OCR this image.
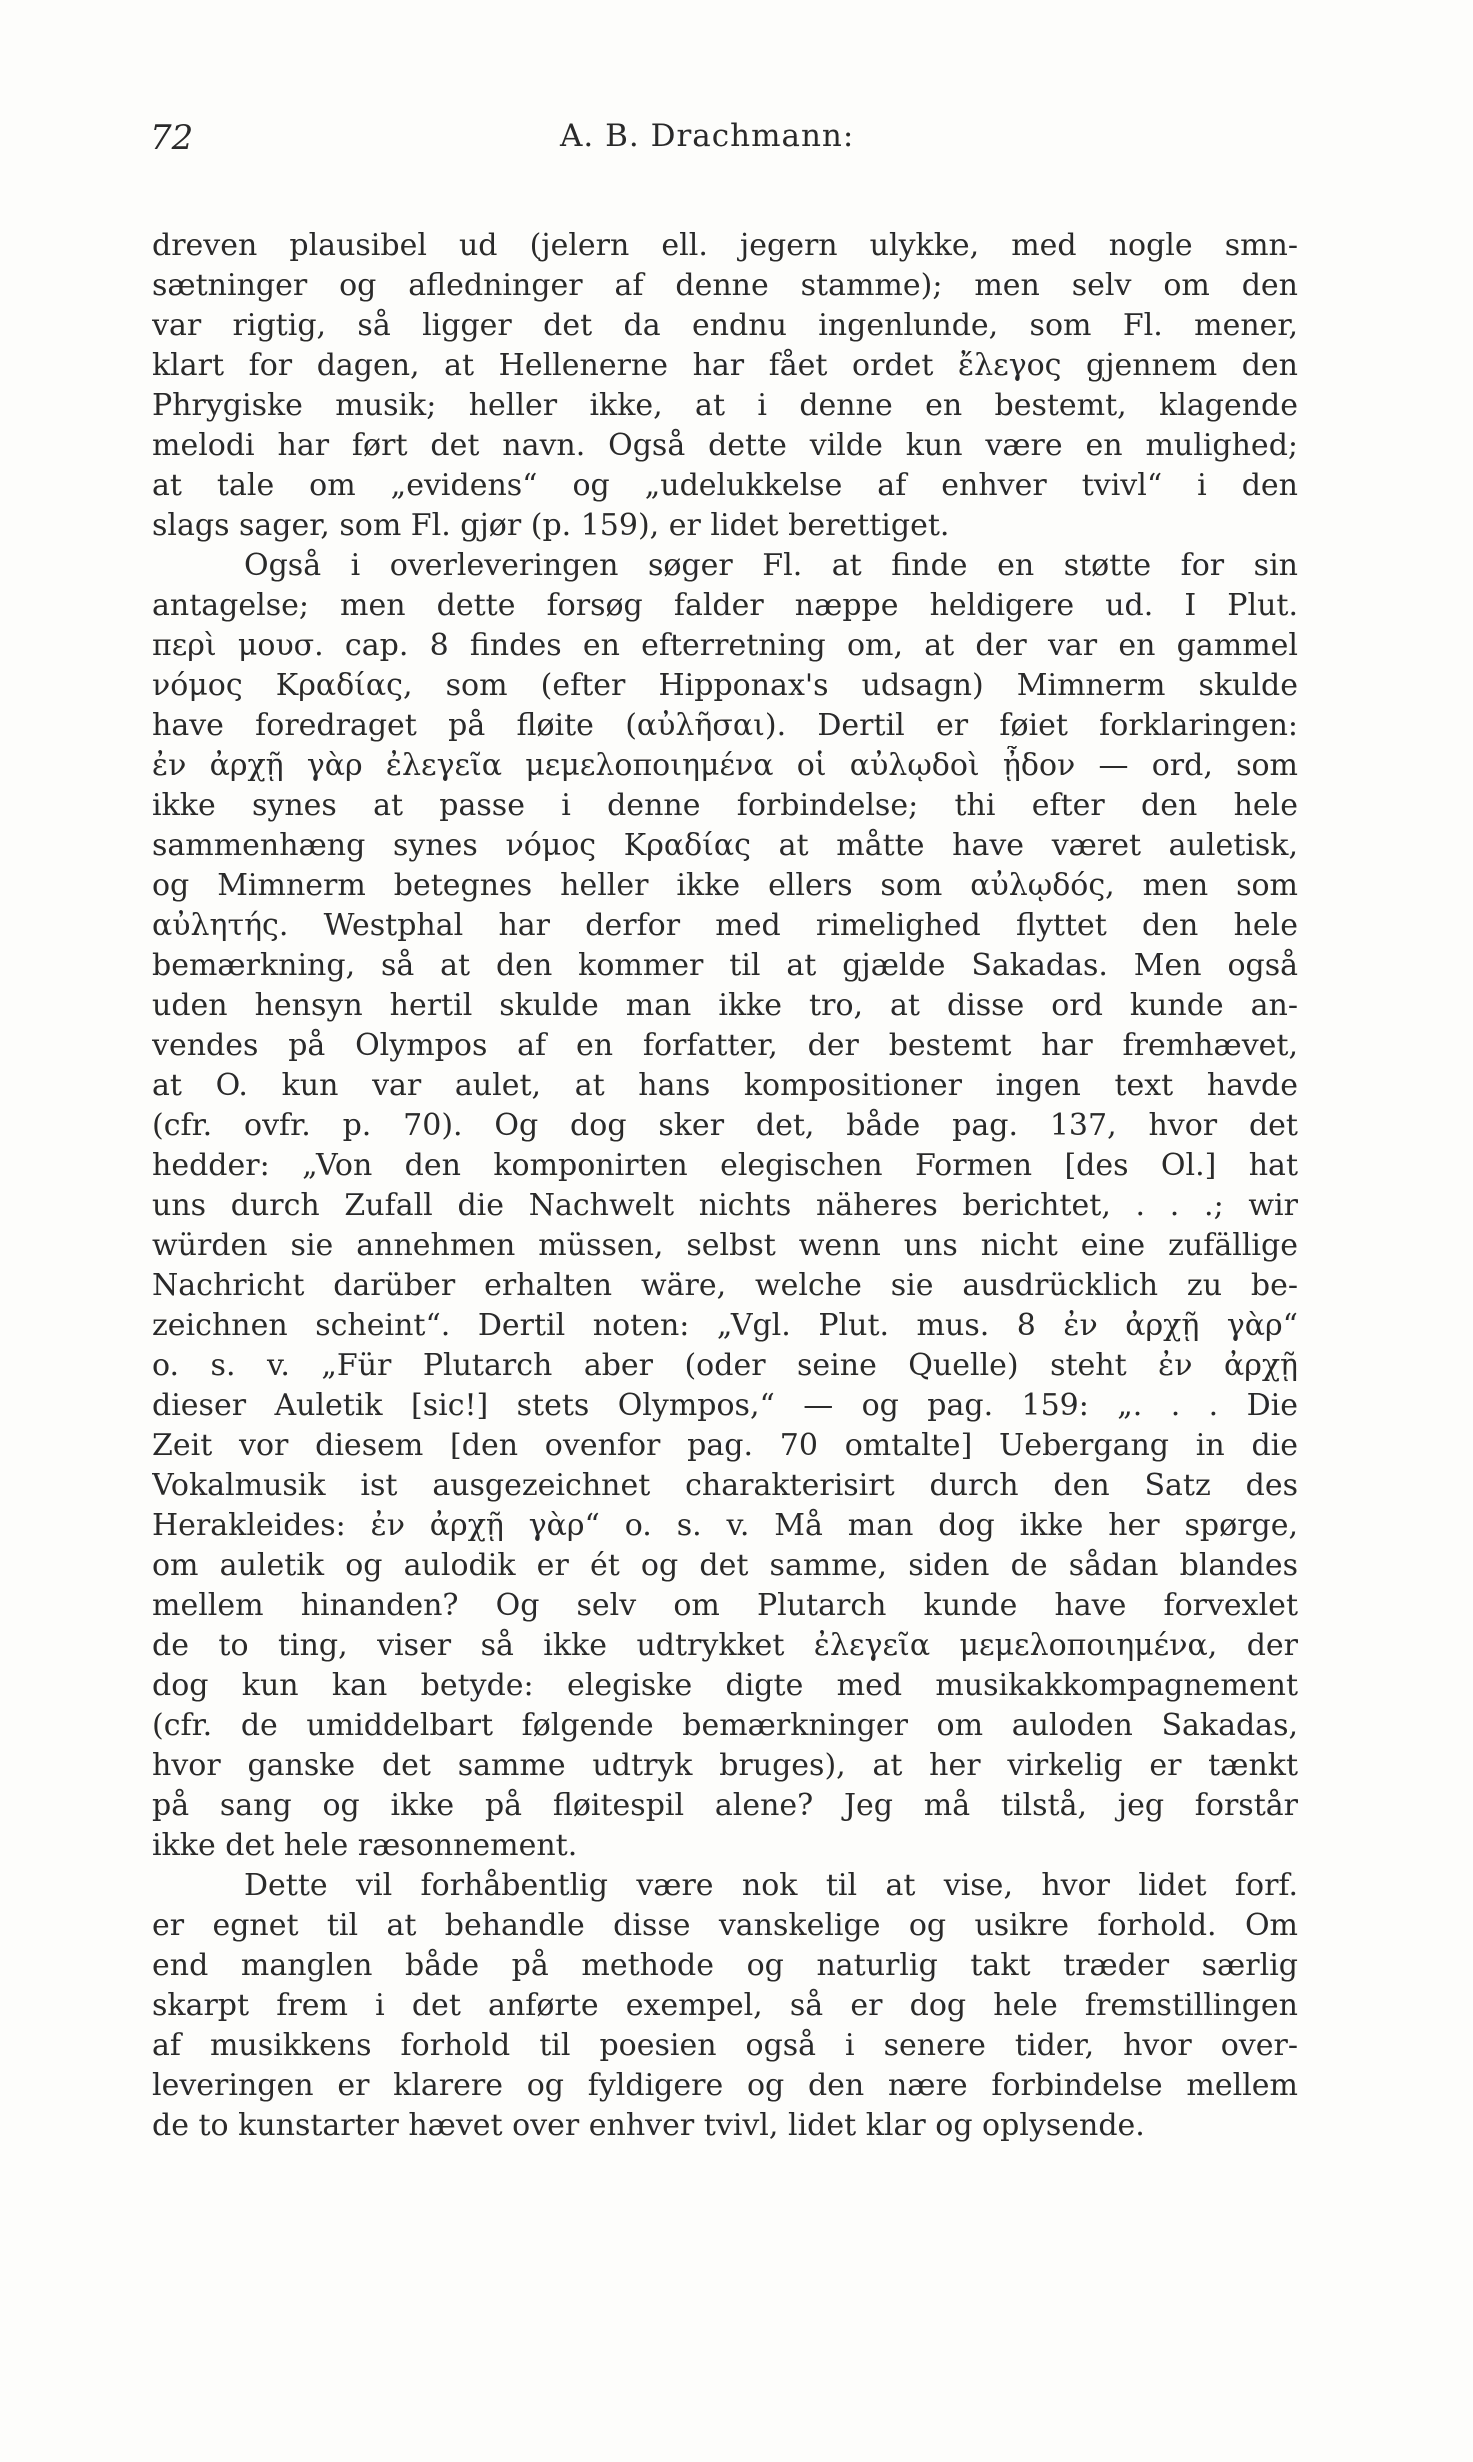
72	A. B. Drachmann:
dreven plausibel ud (jelern ell. jegern ulykke, med nogle smn-
sætninger og afledninger af denne stamme); men selv om den
var rigtig, så ligger det da endnu ingenlunde, som Fl. mener,
klart for dagen, at Hellenerne har fået ordet ἔλεγος gjennem den
Phrygiske musik; heller ikke, at i denne en bestemt, klagende
melodi har ført det navn. Også dette vilde kun være en mulighed;
at tale om „evidens“ og „udelukkelse af enhver tvivl“ i den
slags sager, som Fl. gjør (p. 159), er lidet berettiget.
Også i overleveringen søger Fl. at finde en støtte for sin
antagelse; men dette forsøg falder næppe heldigere ud. I Plut.
περὶ μουσ. cap. 8 findes en efterretning om, at der var en gammel
νόμος Κραδίας, som (efter Hipponax's udsagn) Mimnerm skulde
have foredraget på fløite (αὐλῆσαι). Dertil er føiet forklaringen:
ἐν ἀρχῇ γὰρ ἐλεγεῖα μεμελοποιημένα οἱ αὐλῳδοὶ ᾖδον — ord, som
ikke synes at passe i denne forbindelse; thi efter den hele
sammenhæng synes νόμος Κραδίας at måtte have været auletisk,
og Mimnerm betegnes heller ikke ellers som αὐλῳδός, men som
αὐλητής. Westphal har derfor med rimelighed flyttet den hele
bemærkning, så at den kommer til at gjælde Sakadas. Men også
uden hensyn hertil skulde man ikke tro, at disse ord kunde an-
vendes på Olympos af en forfatter, der bestemt har fremhævet,
at O. kun var aulet, at hans kompositioner ingen text havde
(cfr. ovfr. p. 70). Og dog sker det, både pag. 137, hvor det
hedder: „Von den komponirten elegischen Formen [des Ol.] hat
uns durch Zufall die Nachwelt nichts näheres berichtet, . . .; wir
würden sie annehmen müssen, selbst wenn uns nicht eine zufällige
Nachricht darüber erhalten wäre, welche sie ausdrücklich zu be-
zeichnen scheint“. Dertil noten: „Vgl. Plut. mus. 8 ἐν ἀρχῇ γὰρ“
o. s. v. „Für Plutarch aber (oder seine Quelle) steht ἐν ἀρχῇ
dieser Auletik [sic!] stets Olympos,“ — og pag. 159: „. . . Die
Zeit vor diesem [den ovenfor pag. 70 omtalte] Uebergang in die
Vokalmusik ist ausgezeichnet charakterisirt durch den Satz des
Herakleides: ἐν ἀρχῇ γὰρ“ o. s. v. Må man dog ikke her spørge,
om auletik og aulodik er ét og det samme, siden de sådan blandes
mellem hinanden? Og selv om Plutarch kunde have forvexlet
de to ting, viser så ikke udtrykket ἐλεγεῖα μεμελοποιημένα, der
dog kun kan betyde: elegiske digte med musikakkompagnement
(cfr. de umiddelbart følgende bemærkninger om auloden Sakadas,
hvor ganske det samme udtryk bruges), at her virkelig er tænkt
på sang og ikke på fløitespil alene? Jeg må tilstå, jeg forstår
ikke det hele ræsonnement.
Dette vil forhåbentlig være nok til at vise, hvor lidet forf.
er egnet til at behandle disse vanskelige og usikre forhold. Om
end manglen både på methode og naturlig takt træder særlig
skarpt frem i det anførte exempel, så er dog hele fremstillingen
af musikkens forhold til poesien også i senere tider, hvor over-
leveringen er klarere og fyldigere og den nære forbindelse mellem
de to kunstarter hævet over enhver tvivl, lidet klar og oplysende.
